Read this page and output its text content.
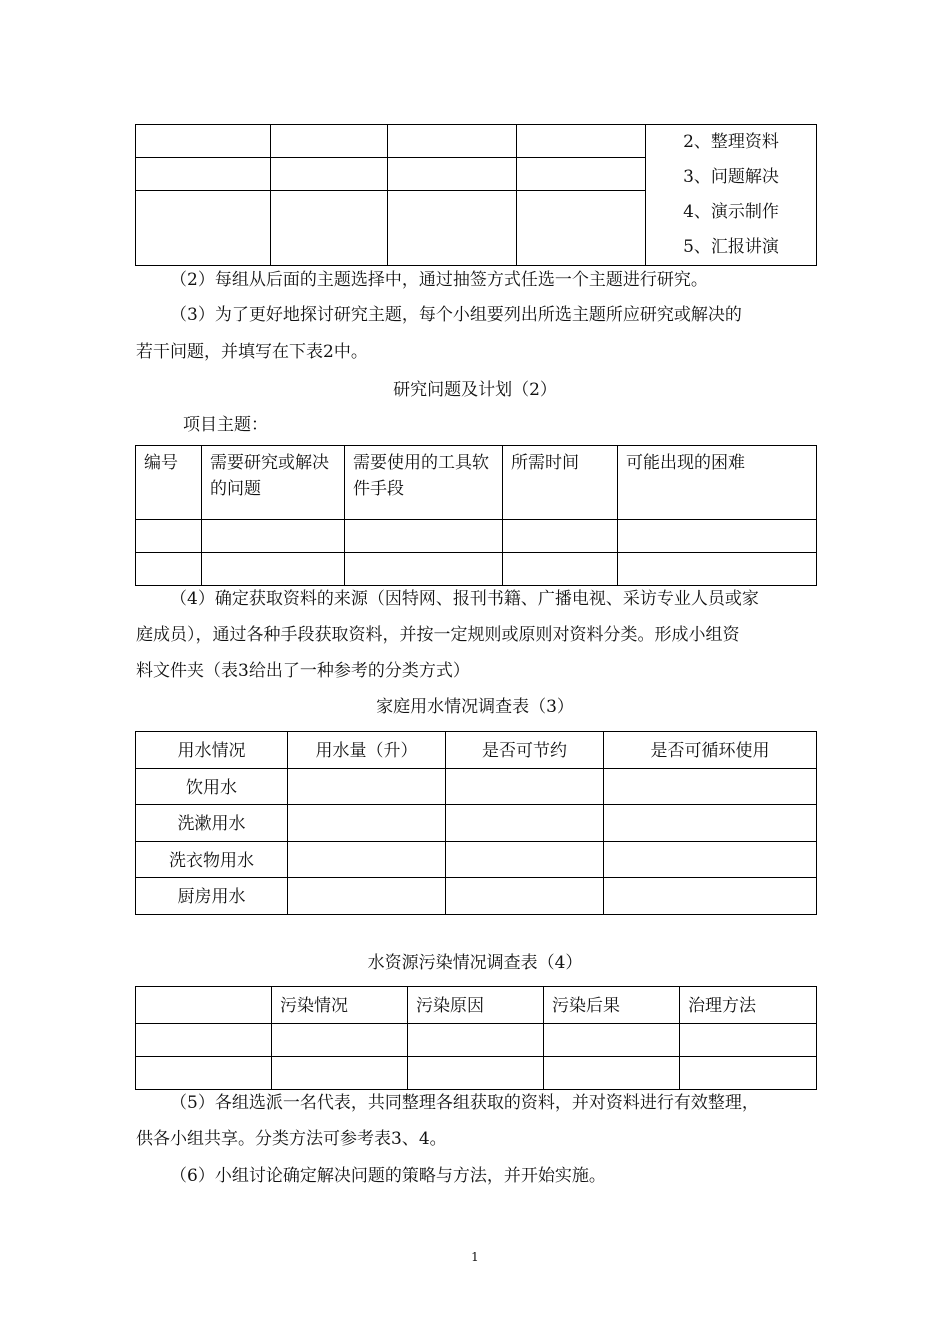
				2、整理资料
3、问题解决
4、演示制作
5、汇报讲演

（2）每组从后面的主题选择中，通过抽签方式任选一个主题进行研究。
（3）为了更好地探讨研究主题，每个小组要列出所选主题所应研究或解决的
若干问题，并填写在下表2中。
研究问题及计划（2）
项目主题：
编号	需要研究或解决的问题	需要使用的工具软件手段	所需时间	可能出现的困难

（4）确定获取资料的来源（因特网、报刊书籍、广播电视、采访专业人员或家
庭成员），通过各种手段获取资料，并按一定规则或原则对资料分类。形成小组资
料文件夹（表3给出了一种参考的分类方式）
家庭用水情况调查表（3）
用水情况	用水量（升）	是否可节约	是否可循环使用
饮用水			
洗漱用水			
洗衣物用水			
厨房用水			
水资源污染情况调查表（4）
	污染情况	污染原因	污染后果	治理方法

（5）各组选派一名代表，共同整理各组获取的资料，并对资料进行有效整理，
供各小组共享。分类方法可参考表3、4。
（6）小组讨论确定解决问题的策略与方法，并开始实施。
1
